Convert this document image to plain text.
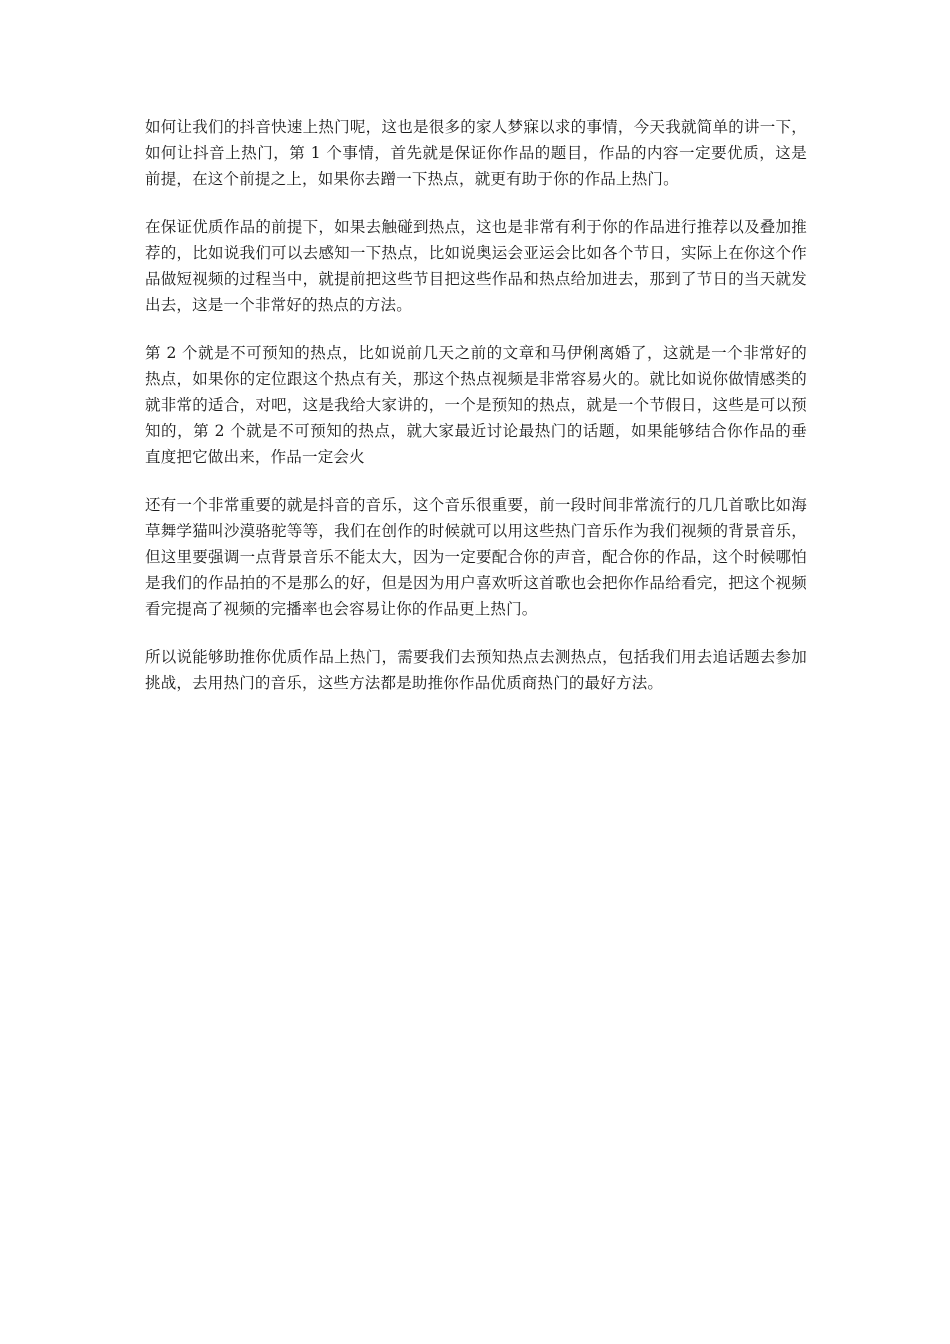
如何让我们的抖音快速上热门呢，这也是很多的家人梦寐以求的事情，今天我就简单的讲一下，如何让抖音上热门，第 1 个事情，首先就是保证你作品的题目，作品的内容一定要优质，这是前提，在这个前提之上，如果你去蹭一下热点，就更有助于你的作品上热门。

在保证优质作品的前提下，如果去触碰到热点，这也是非常有利于你的作品进行推荐以及叠加推荐的，比如说我们可以去感知一下热点，比如说奥运会亚运会比如各个节日，实际上在你这个作品做短视频的过程当中，就提前把这些节目把这些作品和热点给加进去，那到了节日的当天就发出去，这是一个非常好的热点的方法。

第 2 个就是不可预知的热点，比如说前几天之前的文章和马伊俐离婚了，这就是一个非常好的热点，如果你的定位跟这个热点有关，那这个热点视频是非常容易火的。就比如说你做情感类的就非常的适合，对吧，这是我给大家讲的，一个是预知的热点，就是一个节假日，这些是可以预知的，第 2 个就是不可预知的热点，就大家最近讨论最热门的话题，如果能够结合你作品的垂直度把它做出来，作品一定会火

还有一个非常重要的就是抖音的音乐，这个音乐很重要，前一段时间非常流行的几几首歌比如海草舞学猫叫沙漠骆驼等等，我们在创作的时候就可以用这些热门音乐作为我们视频的背景音乐，但这里要强调一点背景音乐不能太大，因为一定要配合你的声音，配合你的作品，这个时候哪怕是我们的作品拍的不是那么的好，但是因为用户喜欢听这首歌也会把你作品给看完，把这个视频看完提高了视频的完播率也会容易让你的作品更上热门。

所以说能够助推你优质作品上热门，需要我们去预知热点去测热点，包括我们用去追话题去参加挑战，去用热门的音乐，这些方法都是助推你作品优质商热门的最好方法。
